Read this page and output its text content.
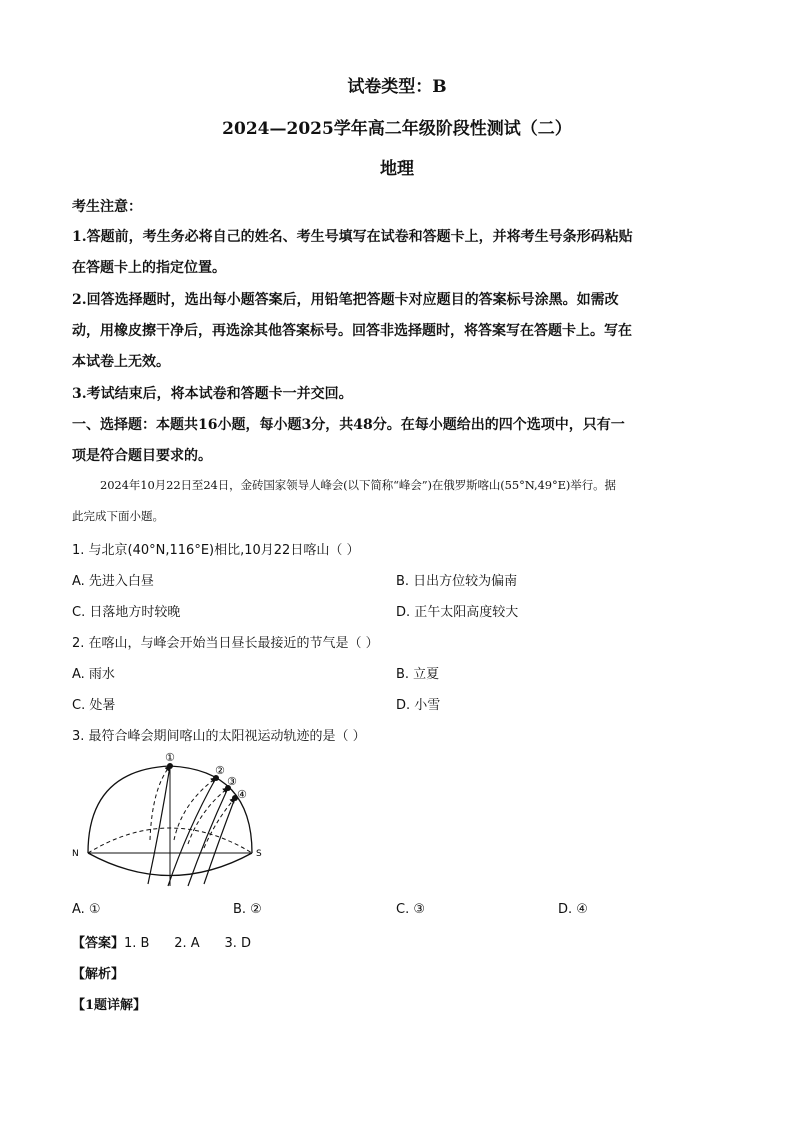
试卷类型：B
2024—2025学年高二年级阶段性测试（二）
地理
考生注意：
1.答题前，考生务必将自己的姓名、考生号填写在试卷和答题卡上，并将考生号条形码粘贴
在答题卡上的指定位置。
2.回答选择题时，选出每小题答案后，用铅笔把答题卡对应题目的答案标号涂黑。如需改
动，用橡皮擦干净后，再选涂其他答案标号。回答非选择题时，将答案写在答题卡上。写在
本试卷上无效。
3.考试结束后，将本试卷和答题卡一并交回。
一、选择题：本题共16小题，每小题3分，共48分。在每小题给出的四个选项中，只有一
项是符合题目要求的。
2024年10月22日至24日，金砖国家领导人峰会(以下简称“峰会”)在俄罗斯喀山(55°N,49°E)举行。据
此完成下面小题。
1. 与北京(40°N,116°E)相比,10月22日喀山（ ）
A. 先进入白昼	B. 日出方位较为偏南
C. 日落地方时较晚	D. 正午太阳高度较大
2. 在喀山，与峰会开始当日昼长最接近的节气是（ ）
A. 雨水	B. 立夏
C. 处暑	D. 小雪
3. 最符合峰会期间喀山的太阳视运动轨迹的是（ ）
①
②
③
④
N	S
A. ①	B. ②	C. ③	D. ④
【答案】1. B      2. A      3. D
【解析】
【1题详解】
